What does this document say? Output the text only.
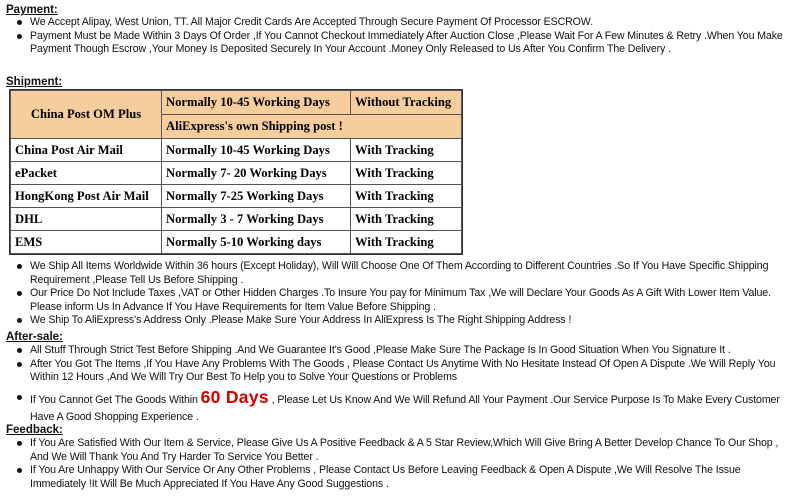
Payment:
We Accept Alipay, West Union, TT. All Major Credit Cards Are Accepted Through Secure Payment Of Processor ESCROW.
Payment Must be Made Within 3 Days Of Order ,If You Cannot Checkout Immediately After Auction Close ,Please Wait For A Few Minutes & Retry .When You Make Payment Though Escrow ,Your Money Is Deposited Securely In Your Account .Money Only Released to Us After You Confirm The Delivery .
Shipment:
China Post OM Plus	Normally 10-45 Working Days	Without Tracking
	AliExpress's own Shipping post !	
China Post Air Mail	Normally 10-45 Working Days	With Tracking
ePacket	Normally 7- 20 Working Days	With Tracking
HongKong Post Air Mail	Normally 7-25 Working Days	With Tracking
DHL	Normally 3 - 7 Working Days	With Tracking
EMS	Normally 5-10 Working days	With Tracking
We Ship All Items Worldwide Within 36 hours (Except Holiday), Will Will Choose One Of Them According to Different Countries .So If You Have Specific Shipping Requirement ,Please Tell Us Before Shipping .
Our Price Do Not Include Taxes ,VAT or Other Hidden Charges .To Insure You pay for Minimum Tax ,We will Declare Your Goods As A Gift With Lower Item Value. Please inform Us In Advance If You Have Requirements for Item Value Before Shipping .
We Ship To AliExpress's Address Only .Please Make Sure Your Address In AliExpress Is The Right Shipping Address !
After-sale:
All Stuff Through Strict Test Before Shipping .And We Guarantee It's Good ,Please Make Sure The Package Is In Good Situation When You Signature It .
After You Got The Items ,If You Have Any Problems With The Goods , Please Contact Us Anytime With No Hesitate Instead Of Open A Dispute .We Will Reply You Within 12 Hours ,And We Will Try Our Best To Help you to Solve Your Questions or Problems
If You Cannot Get The Goods Within 60 Days , Please Let Us Know And We Will Refund All Your Payment .Our Service Purpose Is To Make Every Customer Have A Good Shopping Experience .
Feedback:
If You Are Satisfied With Our Item & Service, Please Give Us A Positive Feedback & A 5 Star Review,Which Will Give Bring A Better Develop Chance To Our Shop , And We Will Thank You And Try Harder To Service You Better .
If You Are Unhappy With Our Service Or Any Other Problems , Please Contact Us Before Leaving Feedback & Open A Dispute ,We Will Resolve The Issue Immediately !It Will Be Much Appreciated If You Have Any Good Suggestions .
